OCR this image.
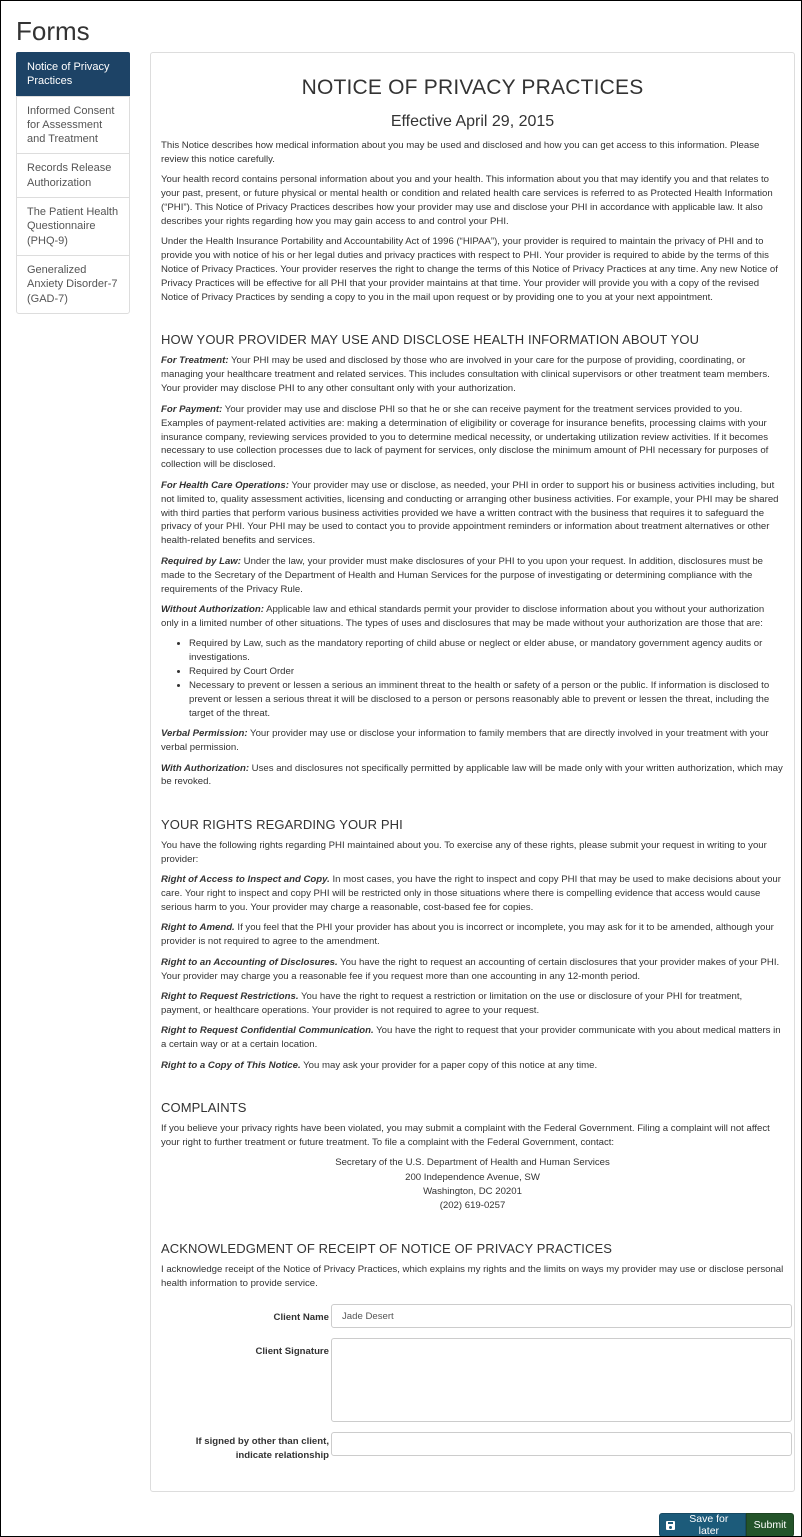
Forms
Notice of Privacy Practices
Informed Consent for Assessment and Treatment
Records Release Authorization
The Patient Health Questionnaire (PHQ-9)
Generalized Anxiety Disorder-7 (GAD-7)
NOTICE OF PRIVACY PRACTICES
Effective April 29, 2015

This Notice describes how medical information about you may be used and disclosed and how you can get access to this information. Please review this notice carefully.

Your health record contains personal information about you and your health. This information about you that may identify you and that relates to your past, present, or future physical or mental health or condition and related health care services is referred to as Protected Health Information (“PHI”). This Notice of Privacy Practices describes how your provider may use and disclose your PHI in accordance with applicable law. It also describes your rights regarding how you may gain access to and control your PHI.

Under the Health Insurance Portability and Accountability Act of 1996 (“HIPAA”), your provider is required to maintain the privacy of PHI and to provide you with notice of his or her legal duties and privacy practices with respect to PHI. Your provider is required to abide by the terms of this Notice of Privacy Practices. Your provider reserves the right to change the terms of this Notice of Privacy Practices at any time. Any new Notice of Privacy Practices will be effective for all PHI that your provider maintains at that time. Your provider will provide you with a copy of the revised Notice of Privacy Practices by sending a copy to you in the mail upon request or by providing one to you at your next appointment.

HOW YOUR PROVIDER MAY USE AND DISCLOSE HEALTH INFORMATION ABOUT YOU

For Treatment: Your PHI may be used and disclosed by those who are involved in your care for the purpose of providing, coordinating, or managing your healthcare treatment and related services. This includes consultation with clinical supervisors or other treatment team members. Your provider may disclose PHI to any other consultant only with your authorization.

For Payment: Your provider may use and disclose PHI so that he or she can receive payment for the treatment services provided to you. Examples of payment-related activities are: making a determination of eligibility or coverage for insurance benefits, processing claims with your insurance company, reviewing services provided to you to determine medical necessity, or undertaking utilization review activities. If it becomes necessary to use collection processes due to lack of payment for services, only disclose the minimum amount of PHI necessary for purposes of collection will be disclosed.

For Health Care Operations: Your provider may use or disclose, as needed, your PHI in order to support his or business activities including, but not limited to, quality assessment activities, licensing and conducting or arranging other business activities. For example, your PHI may be shared with third parties that perform various business activities provided we have a written contract with the business that requires it to safeguard the privacy of your PHI. Your PHI may be used to contact you to provide appointment reminders or information about treatment alternatives or other health-related benefits and services.

Required by Law: Under the law, your provider must make disclosures of your PHI to you upon your request. In addition, disclosures must be made to the Secretary of the Department of Health and Human Services for the purpose of investigating or determining compliance with the requirements of the Privacy Rule.

Without Authorization: Applicable law and ethical standards permit your provider to disclose information about you without your authorization only in a limited number of other situations. The types of uses and disclosures that may be made without your authorization are those that are:

• Required by Law, such as the mandatory reporting of child abuse or neglect or elder abuse, or mandatory government agency audits or investigations.
• Required by Court Order
• Necessary to prevent or lessen a serious an imminent threat to the health or safety of a person or the public. If information is disclosed to prevent or lessen a serious threat it will be disclosed to a person or persons reasonably able to prevent or lessen the threat, including the target of the threat.

Verbal Permission: Your provider may use or disclose your information to family members that are directly involved in your treatment with your verbal permission.

With Authorization: Uses and disclosures not specifically permitted by applicable law will be made only with your written authorization, which may be revoked.

YOUR RIGHTS REGARDING YOUR PHI

You have the following rights regarding PHI maintained about you. To exercise any of these rights, please submit your request in writing to your provider:

Right of Access to Inspect and Copy. In most cases, you have the right to inspect and copy PHI that may be used to make decisions about your care. Your right to inspect and copy PHI will be restricted only in those situations where there is compelling evidence that access would cause serious harm to you. Your provider may charge a reasonable, cost-based fee for copies.

Right to Amend. If you feel that the PHI your provider has about you is incorrect or incomplete, you may ask for it to be amended, although your provider is not required to agree to the amendment.

Right to an Accounting of Disclosures. You have the right to request an accounting of certain disclosures that your provider makes of your PHI. Your provider may charge you a reasonable fee if you request more than one accounting in any 12-month period.

Right to Request Restrictions. You have the right to request a restriction or limitation on the use or disclosure of your PHI for treatment, payment, or healthcare operations. Your provider is not required to agree to your request.

Right to Request Confidential Communication. You have the right to request that your provider communicate with you about medical matters in a certain way or at a certain location.

Right to a Copy of This Notice. You may ask your provider for a paper copy of this notice at any time.

COMPLAINTS

If you believe your privacy rights have been violated, you may submit a complaint with the Federal Government. Filing a complaint will not affect your right to further treatment or future treatment. To file a complaint with the Federal Government, contact:

Secretary of the U.S. Department of Health and Human Services
200 Independence Avenue, SW
Washington, DC 20201
(202) 619-0257
ACKNOWLEDGMENT OF RECEIPT OF NOTICE OF PRIVACY PRACTICES

I acknowledge receipt of the Notice of Privacy Practices, which explains my rights and the limits on ways my provider may use or disclose personal health information to provide service.

Client Name
Jade Desert
Client Signature
If signed by other than client,
indicate relationship
Save for later	Submit
